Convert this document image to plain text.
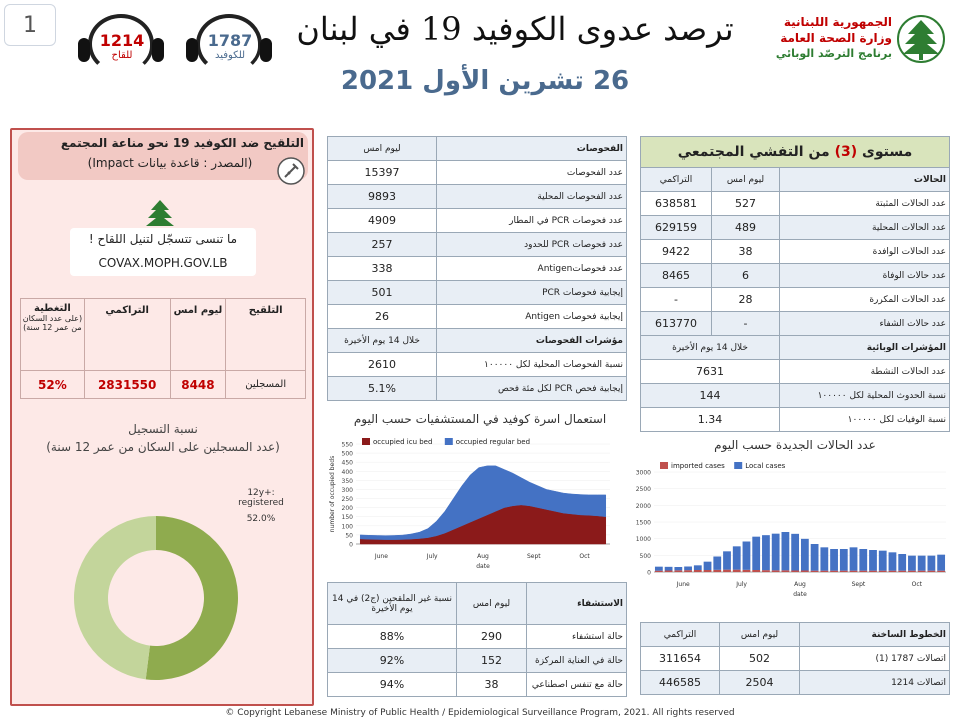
1
1214
للقاح
1787
للكوفيد
ترصد عدوى الكوفيد 19 في لبنان
26 تشرين الأول 2021
الجمهورية اللبنانية
وزارة الصحة العامة
برنامج الترصّد الوبائي
التلقيح ضد الكوفيد 19 نحو مناعة المجتمع
(المصدر : قاعدة بيانات Impact)
ما تنسى تتسجّل لتنيل اللقاح !
COVAX.MOPH.GOV.LB
التلقيح	ليوم امس	التراكمي	التغطية
(على عدد السكان من عمر 12 سنة)

المسجلين	8448	2831550	52%
نسبة التسجيل
(عدد المسجلين على السكان من عمر 12 سنة)
12y+: registered
52.0%
الفحوصات	ليوم امس
عدد الفحوصات	15397
عدد الفحوصات المحلية	9893
عدد فحوصات PCR في المطار	4909
عدد فحوصات PCR للحدود	257
عدد فحوصاتAntigen	338
إيجابية فحوصات PCR	501
إيجابية فحوصات Antigen	26
مؤشرات الفحوصات	خلال 14 يوم الأخيرة
نسبة الفحوصات المحلية لكل ١٠٠٠٠٠	2610
إيجابية فحص PCR لكل مئة فحص	5.1%
مستوى (3) من التفشي المجتمعي
الحالات	ليوم امس	التراكمي
عدد الحالات المثبتة	527	638581
عدد الحالات المحلية	489	629159
عدد الحالات الوافدة	38	9422
عدد حالات الوفاة	6	8465
عدد الحالات المكررة	28	-
عدد حالات الشفاء	-	613770
المؤشرات الوبائية	خلال 14 يوم الأخيرة	
عدد الحالات النشطة	7631	
نسبة الحدوث المحلية لكل ١٠٠٠٠٠	144	
نسبة الوفيات لكل ١٠٠٠٠٠	1.34	
استعمال اسرة كوفيد في المستشفيات حسب اليوم
عدد الحالات الجديدة حسب اليوم
0
50
100
150
200
250
300
350
400
450
500
550
June	July	Aug	Sept	Oct
date
number of occupied beds
occupied icu bed	occupied regular bed
0
500
1000
1500
2000
2500
3000
June	July	Aug	Sept	Oct
date
imported cases	Local cases
الاستشفاء	ليوم امس	نسبة غير الملقحين (ج2) في 14 يوم الأخيرة
حالة استشفاء	290	88%
حالة في العناية المركزة	152	92%
حالة مع تنفس اصطناعي	38	94%
الخطوط الساخنة	ليوم امس	التراكمي
اتصالات 1787 (1)	502	311654
اتصالات 1214	2504	446585
© Copyright Lebanese Ministry of Public Health / Epidemiological Surveillance Program, 2021. All rights reserved
